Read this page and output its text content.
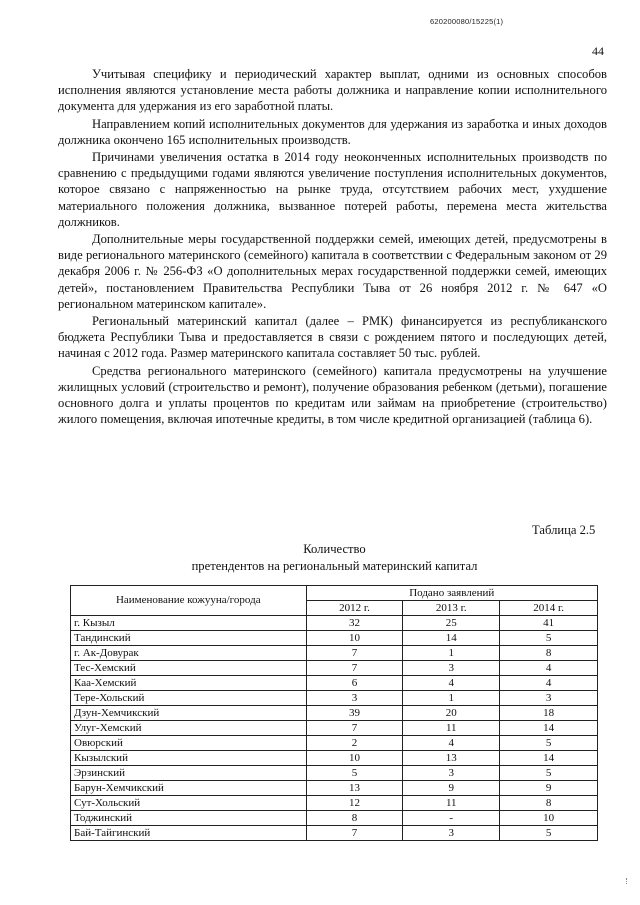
620200080/15225(1)
44

Учитывая специфику и периодический характер выплат, одними из основных способов исполнения являются установление места работы должника и направление копии исполнительного документа для удержания из его заработной платы.

Направлением копий исполнительных документов для удержания из заработка и иных доходов должника окончено 165 исполнительных производств.

Причинами увеличения остатка в 2014 году неоконченных исполнительных производств по сравнению с предыдущими годами являются увеличение поступления исполнительных документов, которое связано с напряженностью на рынке труда, отсутствием рабочих мест, ухудшение материального положения должника, вызванное потерей работы, перемена места жительства должников.

Дополнительные меры государственной поддержки семей, имеющих детей, предусмотрены в виде регионального материнского (семейного) капитала в соответствии с Федеральным законом от 29 декабря 2006 г. № 256-ФЗ «О дополнительных мерах государственной поддержки семей, имеющих детей», постановлением Правительства Республики Тыва от 26 ноября 2012 г. № 647 «О региональном материнском капитале».

Региональный материнский капитал (далее – РМК) финансируется из республиканского бюджета Республики Тыва и предоставляется в связи с рождением пятого и последующих детей, начиная с 2012 года. Размер материнского капитала составляет 50 тыс. рублей.

Средства регионального материнского (семейного) капитала предусмотрены на улучшение жилищных условий (строительство и ремонт), получение образования ребенком (детьми), погашение основного долга и уплаты процентов по кредитам или займам на приобретение (строительство) жилого помещения, включая ипотечные кредиты, в том числе кредитной организацией (таблица 6).

Таблица 2.5
Количество
претендентов на региональный материнский капитал
Наименование кожууна/города	Подано заявлений		
	2012 г.	2013 г.	2014 г.
г. Кызыл	32	25	41
Тандинский	10	14	5
г. Ак-Довурак	7	1	8
Тес-Хемский	7	3	4
Каа-Хемский	6	4	4
Тере-Хольский	3	1	3
Дзун-Хемчикский	39	20	18
Улуг-Хемский	7	11	14
Овюрский	2	4	5
Кызылский	10	13	14
Эрзинский	5	3	5
Барун-Хемчикский	13	9	9
Сут-Хольский	12	11	8
Тоджинский	8	-	10
Бай-Тайгинский	7	3	5
